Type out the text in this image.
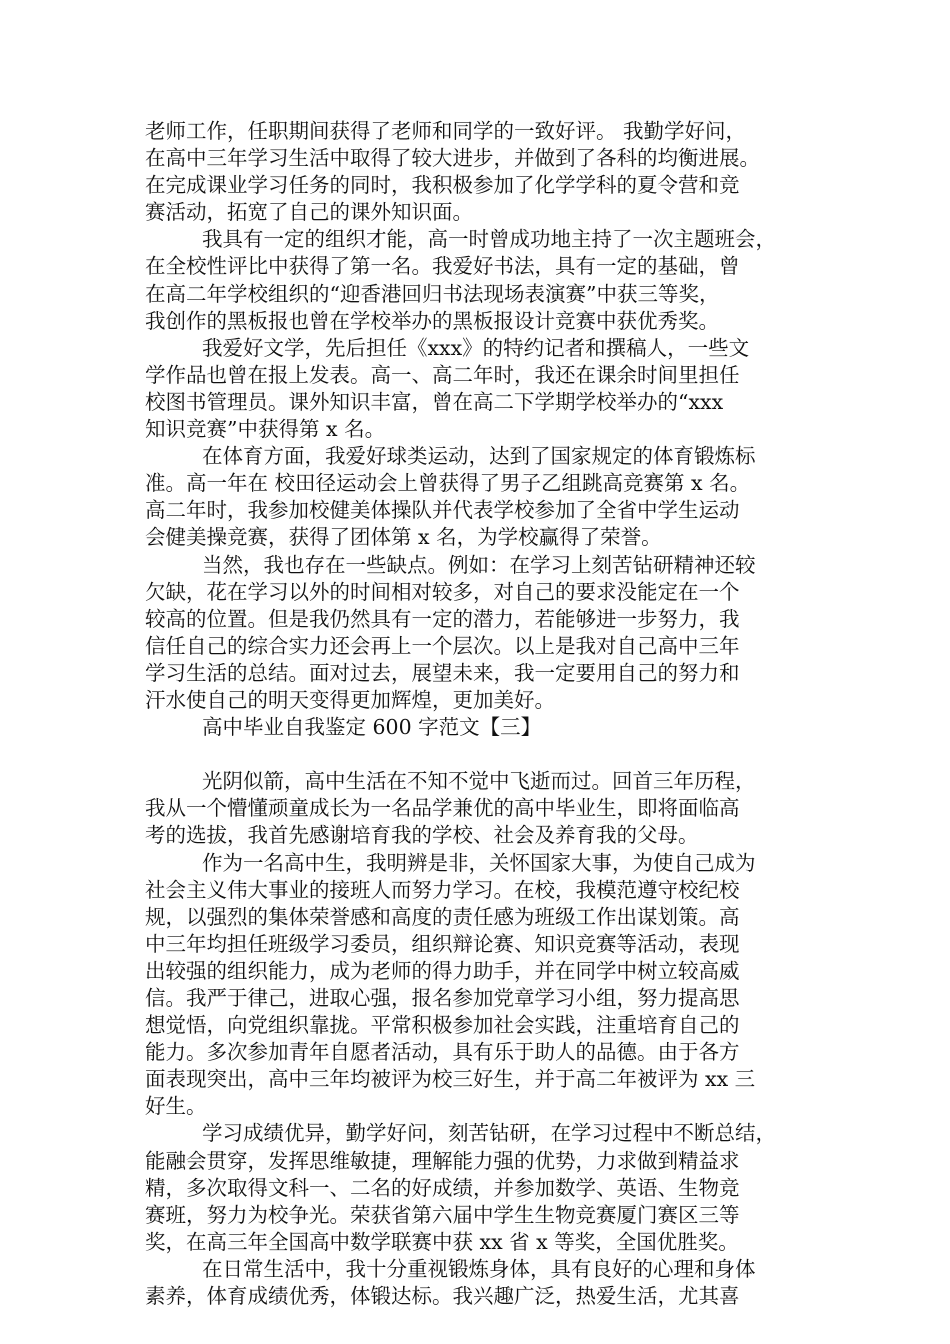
老师工作，任职期间获得了老师和同学的一致好评。 我勤学好问，
在高中三年学习生活中取得了较大进步，并做到了各科的均衡进展。
在完成课业学习任务的同时，我积极参加了化学学科的夏令营和竞
赛活动，拓宽了自己的课外知识面。
我具有一定的组织才能，高一时曾成功地主持了一次主题班会，
在全校性评比中获得了第一名。我爱好书法，具有一定的基础，曾
在高二年学校组织的“迎香港回归书法现场表演赛”中获三等奖，
我创作的黑板报也曾在学校举办的黑板报设计竞赛中获优秀奖。
我爱好文学，先后担任《xxx》的特约记者和撰稿人，一些文
学作品也曾在报上发表。高一、高二年时，我还在课余时间里担任
校图书管理员。课外知识丰富，曾在高二下学期学校举办的“xxx
知识竞赛”中获得第 x 名。
在体育方面，我爱好球类运动，达到了国家规定的体育锻炼标
准。高一年在 校田径运动会上曾获得了男子乙组跳高竞赛第 x 名。
高二年时，我参加校健美体操队并代表学校参加了全省中学生运动
会健美操竞赛，获得了团体第 x 名，为学校赢得了荣誉。
当然，我也存在一些缺点。例如：在学习上刻苦钻研精神还较
欠缺，花在学习以外的时间相对较多，对自己的要求没能定在一个
较高的位置。但是我仍然具有一定的潜力，若能够进一步努力，我
信任自己的综合实力还会再上一个层次。以上是我对自己高中三年
学习生活的总结。面对过去，展望未来，我一定要用自己的努力和
汗水使自己的明天变得更加辉煌，更加美好。
高中毕业自我鉴定 600 字范文【三】
光阴似箭，高中生活在不知不觉中飞逝而过。回首三年历程，
我从一个懵懂顽童成长为一名品学兼优的高中毕业生，即将面临高
考的选拔，我首先感谢培育我的学校、社会及养育我的父母。
作为一名高中生，我明辨是非，关怀国家大事，为使自己成为
社会主义伟大事业的接班人而努力学习。在校，我模范遵守校纪校
规，以强烈的集体荣誉感和高度的责任感为班级工作出谋划策。高
中三年均担任班级学习委员，组织辩论赛、知识竞赛等活动，表现
出较强的组织能力，成为老师的得力助手，并在同学中树立较高威
信。我严于律己，进取心强，报名参加党章学习小组，努力提高思
想觉悟，向党组织靠拢。平常积极参加社会实践，注重培育自己的
能力。多次参加青年自愿者活动，具有乐于助人的品德。由于各方
面表现突出，高中三年均被评为校三好生，并于高二年被评为 xx 三
好生。
学习成绩优异，勤学好问，刻苦钻研，在学习过程中不断总结，
能融会贯穿，发挥思维敏捷，理解能力强的优势，力求做到精益求
精，多次取得文科一、二名的好成绩，并参加数学、英语、生物竞
赛班，努力为校争光。荣获省第六届中学生生物竞赛厦门赛区三等
奖，在高三年全国高中数学联赛中获 xx 省 x 等奖，全国优胜奖。
在日常生活中，我十分重视锻炼身体，具有良好的心理和身体
素养，体育成绩优秀，体锻达标。我兴趣广泛，热爱生活，尤其喜
